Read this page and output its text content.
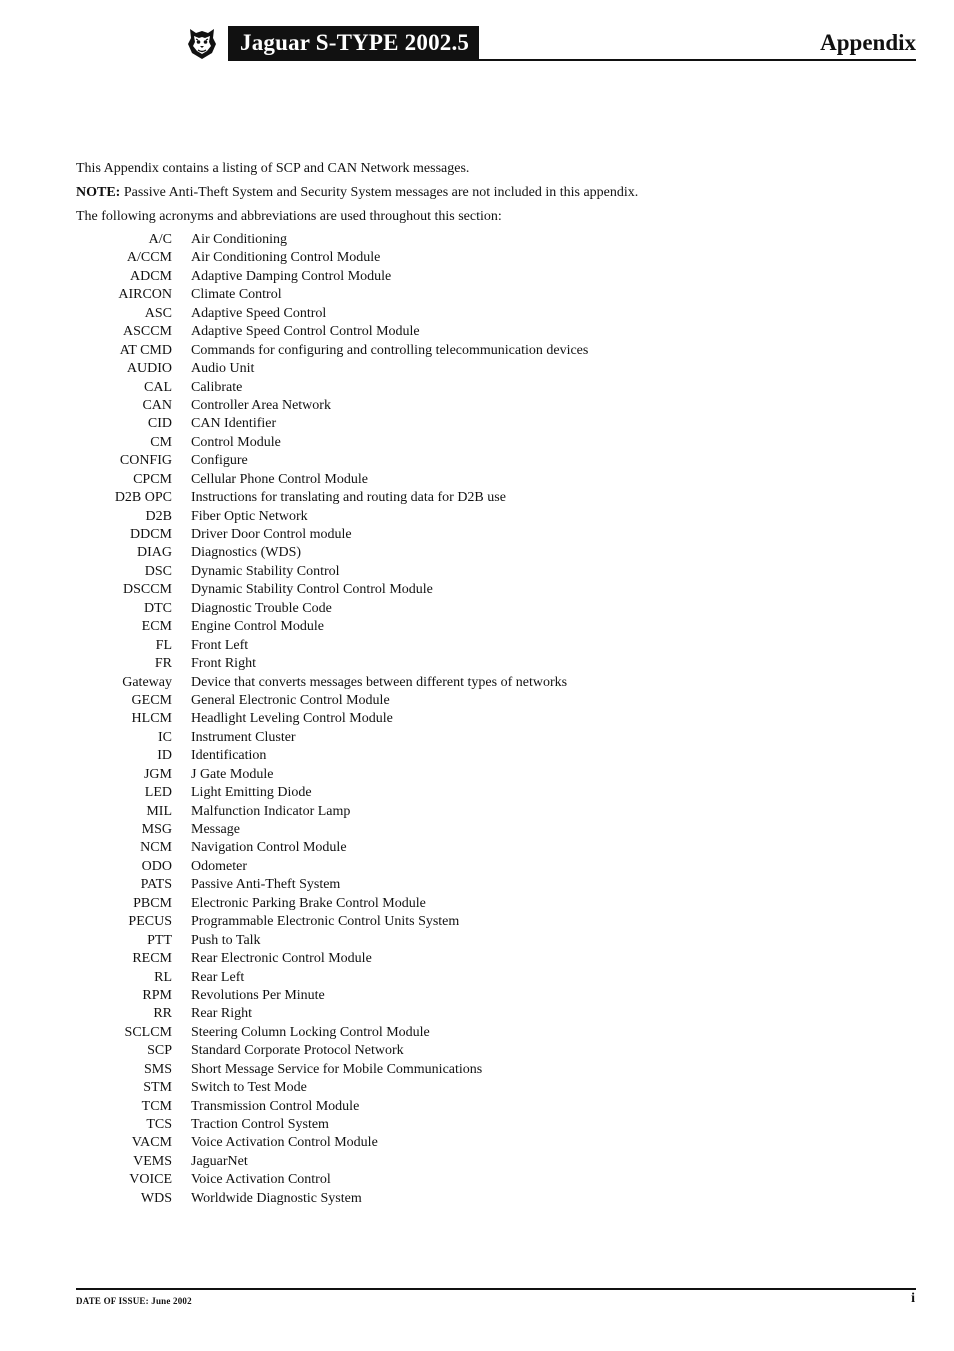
Jaguar S-TYPE 2002.5	Appendix

This Appendix contains a listing of SCP and CAN Network messages.

NOTE: Passive Anti-Theft System and Security System messages are not included in this appendix.

The following acronyms and abbreviations are used throughout this section:

A/C Air Conditioning
A/CCM Air Conditioning Control Module
ADCM Adaptive Damping Control Module
AIRCON Climate Control
ASC Adaptive Speed Control
ASCCM Adaptive Speed Control Control Module
AT CMD Commands for configuring and controlling telecommunication devices
AUDIO Audio Unit
CAL Calibrate
CAN Controller Area Network
CID CAN Identifier
CM Control Module
CONFIG Configure
CPCM Cellular Phone Control Module
D2B OPC Instructions for translating and routing data for D2B use
D2B Fiber Optic Network
DDCM Driver Door Control module
DIAG Diagnostics (WDS)
DSC Dynamic Stability Control
DSCCM Dynamic Stability Control Control Module
DTC Diagnostic Trouble Code
ECM Engine Control Module
FL Front Left
FR Front Right
Gateway Device that converts messages between different types of networks
GECM General Electronic Control Module
HLCM Headlight Leveling Control Module
IC Instrument Cluster
ID Identification
JGM J Gate Module
LED Light Emitting Diode
MIL Malfunction Indicator Lamp
MSG Message
NCM Navigation Control Module
ODO Odometer
PATS Passive Anti-Theft System
PBCM Electronic Parking Brake Control Module
PECUS Programmable Electronic Control Units System
PTT Push to Talk
RECM Rear Electronic Control Module
RL Rear Left
RPM Revolutions Per Minute
RR Rear Right
SCLCM Steering Column Locking Control Module
SCP Standard Corporate Protocol Network
SMS Short Message Service for Mobile Communications
STM Switch to Test Mode
TCM Transmission Control Module
TCS Traction Control System
VACM Voice Activation Control Module
VEMS JaguarNet
VOICE Voice Activation Control
WDS Worldwide Diagnostic System
DATE OF ISSUE: June 2002	i
